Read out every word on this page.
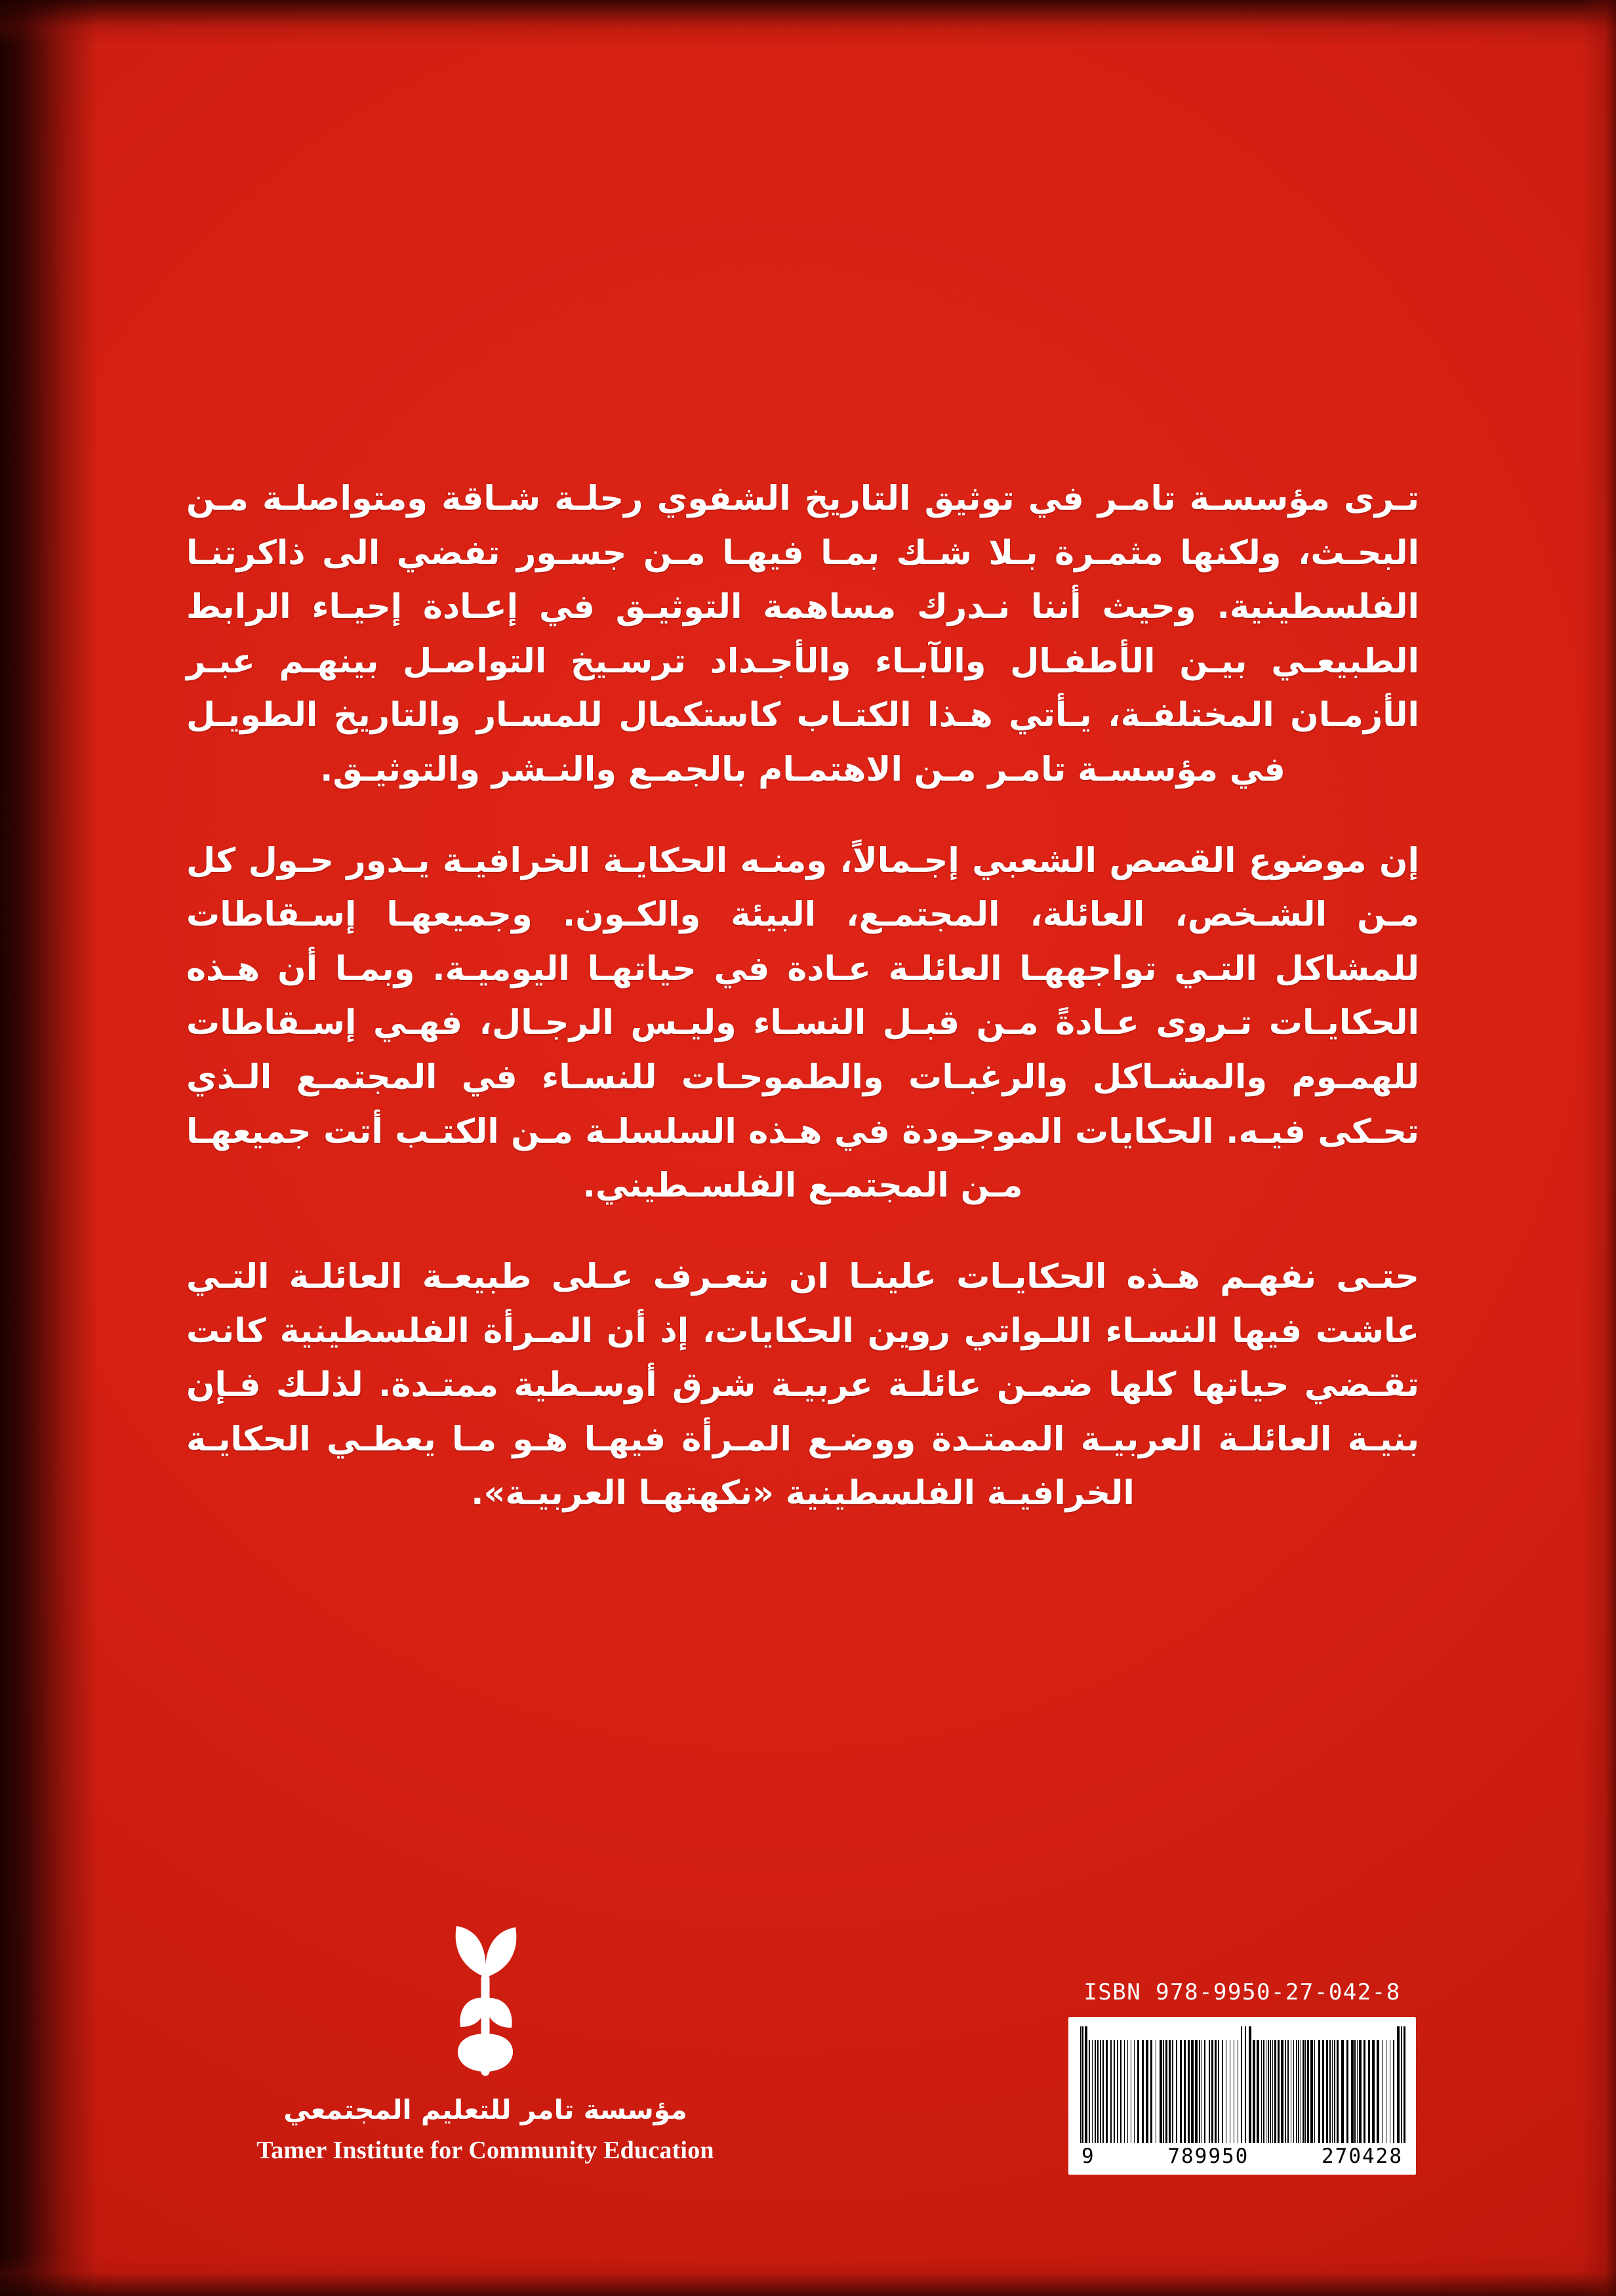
تـرى مؤسسـة تامـر في توثيق التاريخ الشفوي رحلـة شـاقة ومتواصلـة مـن البحـث، ولكنها مثمـرة بـلا شـك بمـا فيهـا مـن جسـور تفضي الى ذاكرتنـا الفلسطينية. وحيث أننا نـدرك مساهمة التوثيـق في إعـادة إحيـاء الرابط الطبيعـي بيـن الأطفـال والآبـاء والأجـداد ترسـيخ التواصـل بينهـم عبـر الأزمـان المختلفـة، يـأتي هـذا الكتـاب كاستكمال للمسـار والتاريخ الطويـل في مؤسسـة تامـر مـن الاهتمـام بالجمـع والنـشر والتوثيـق.

إن موضوع القصص الشعبي إجـمالاً، ومنـه الحكايـة الخرافيـة يـدور حـول كل مـن الشـخص، العائلة، المجتمـع، البيئة والكـون. وجميعهـا إسـقاطات للمشاكل التـي تواجههـا العائلـة عـادة في حياتهـا اليوميـة. وبمـا أن هـذه الحكايـات تـروى عـادةً مـن قبـل النسـاء وليـس الرجـال، فهـي إسـقاطات للهمـوم والمشـاكل والرغبـات والطموحـات للنسـاء في المجتمـع الـذي تحـكى فيـه. الحكايات الموجـودة في هـذه السلسلـة مـن الكتـب أتت جميعهـا مـن المجتمـع الفلسـطيني.

حتـى نفهـم هـذه الحكايـات علينـا ان نتعـرف عـلى طبيعـة العائلـة التـي عاشت فيها النسـاء اللـواتي روين الحكايات، إذ أن المـرأة الفلسطينية كانت تقـضي حياتها كلها ضمـن عائلـة عربيـة شرق أوسـطية ممتـدة. لذلـك فـإن بنيـة العائلـة العربيـة الممتـدة ووضـع المـرأة فيهـا هـو مـا يعطـي الحكايـة الخرافيـة الفلسطينية «نكهتهـا العربيـة».

مؤسسة تامر للتعليم المجتمعي
Tamer Institute for Community Education
ISBN 978-9950-27-042-8
9	789950	270428
